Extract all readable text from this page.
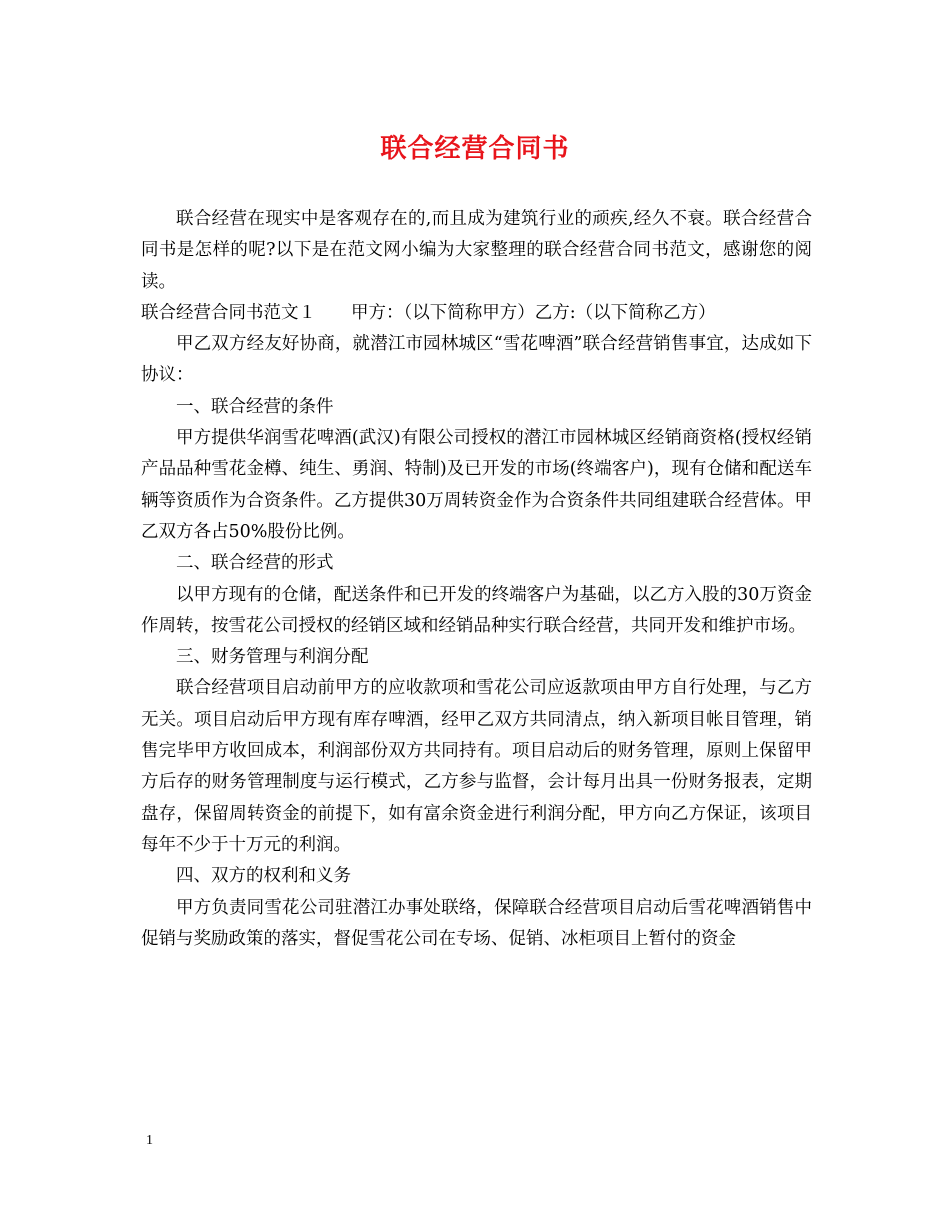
联合经营合同书

联合经营在现实中是客观存在的,而且成为建筑行业的顽疾,经久不衰。联合经营合同书是怎样的呢?以下是在范文网小编为大家整理的联合经营合同书范文，感谢您的阅读。

联合经营合同书范文１　　甲方：（以下简称甲方）乙方:（以下简称乙方）

甲乙双方经友好协商，就潜江市园林城区“雪花啤酒”联合经营销售事宜，达成如下协议：

一、联合经营的条件

甲方提供华润雪花啤酒(武汉)有限公司授权的潜江市园林城区经销商资格(授权经销产品品种雪花金樽、纯生、勇润、特制)及已开发的市场(终端客户)，现有仓储和配送车辆等资质作为合资条件。乙方提供30万周转资金作为合资条件共同组建联合经营体。甲乙双方各占50%股份比例。

二、联合经营的形式

以甲方现有的仓储，配送条件和已开发的终端客户为基础，以乙方入股的30万资金作周转，按雪花公司授权的经销区域和经销品种实行联合经营，共同开发和维护市场。

三、财务管理与利润分配

联合经营项目启动前甲方的应收款项和雪花公司应返款项由甲方自行处理，与乙方无关。项目启动后甲方现有库存啤酒，经甲乙双方共同清点，纳入新项目帐目管理，销售完毕甲方收回成本，利润部份双方共同持有。项目启动后的财务管理，原则上保留甲方后存的财务管理制度与运行模式，乙方参与监督，会计每月出具一份财务报表，定期盘存，保留周转资金的前提下，如有富余资金进行利润分配，甲方向乙方保证，该项目每年不少于十万元的利润。

四、双方的权利和义务

甲方负责同雪花公司驻潜江办事处联络，保障联合经营项目启动后雪花啤酒销售中促销与奖励政策的落实，督促雪花公司在专场、促销、冰柜项目上暂付的资金

1
